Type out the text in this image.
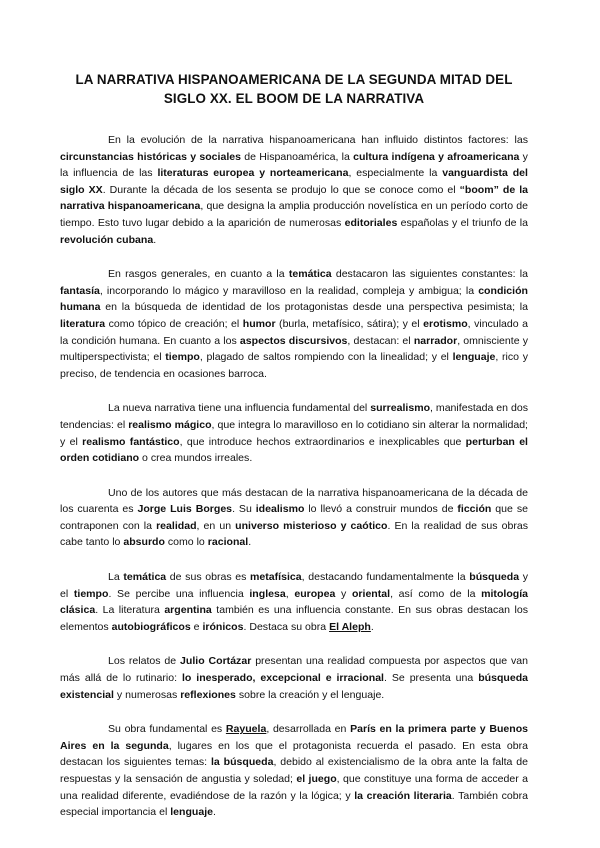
LA NARRATIVA HISPANOAMERICANA DE LA SEGUNDA MITAD DEL SIGLO XX. EL BOOM DE LA NARRATIVA

En la evolución de la narrativa hispanoamericana han influido distintos factores: las circunstancias históricas y sociales de Hispanoamérica, la cultura indígena y afroamericana y la influencia de las literaturas europea y norteamericana, especialmente la vanguardista del siglo XX. Durante la década de los sesenta se produjo lo que se conoce como el “boom” de la narrativa hispanoamericana, que designa la amplia producción novelística en un período corto de tiempo. Esto tuvo lugar debido a la aparición de numerosas editoriales españolas y el triunfo de la revolución cubana.

En rasgos generales, en cuanto a la temática destacaron las siguientes constantes: la fantasía, incorporando lo mágico y maravilloso en la realidad, compleja y ambigua; la condición humana en la búsqueda de identidad de los protagonistas desde una perspectiva pesimista; la literatura como tópico de creación; el humor (burla, metafísico, sátira); y el erotismo, vinculado a la condición humana. En cuanto a los aspectos discursivos, destacan: el narrador, omnisciente y multiperspectivista; el tiempo, plagado de saltos rompiendo con la linealidad; y el lenguaje, rico y preciso, de tendencia en ocasiones barroca.

La nueva narrativa tiene una influencia fundamental del surrealismo, manifestada en dos tendencias: el realismo mágico, que integra lo maravilloso en lo cotidiano sin alterar la normalidad; y el realismo fantástico, que introduce hechos extraordinarios e inexplicables que perturban el orden cotidiano o crea mundos irreales.

Uno de los autores que más destacan de la narrativa hispanoamericana de la década de los cuarenta es Jorge Luis Borges. Su idealismo lo llevó a construir mundos de ficción que se contraponen con la realidad, en un universo misterioso y caótico. En la realidad de sus obras cabe tanto lo absurdo como lo racional.

La temática de sus obras es metafísica, destacando fundamentalmente la búsqueda y el tiempo. Se percibe una influencia inglesa, europea y oriental, así como de la mitología clásica. La literatura argentina también es una influencia constante. En sus obras destacan los elementos autobiográficos e irónicos. Destaca su obra El Aleph.

Los relatos de Julio Cortázar presentan una realidad compuesta por aspectos que van más allá de lo rutinario: lo inesperado, excepcional e irracional. Se presenta una búsqueda existencial y numerosas reflexiones sobre la creación y el lenguaje.

Su obra fundamental es Rayuela, desarrollada en París en la primera parte y Buenos Aires en la segunda, lugares en los que el protagonista recuerda el pasado. En esta obra destacan los siguientes temas: la búsqueda, debido al existencialismo de la obra ante la falta de respuestas y la sensación de angustia y soledad; el juego, que constituye una forma de acceder a una realidad diferente, evadiéndose de la razón y la lógica; y la creación literaria. También cobra especial importancia el lenguaje.
